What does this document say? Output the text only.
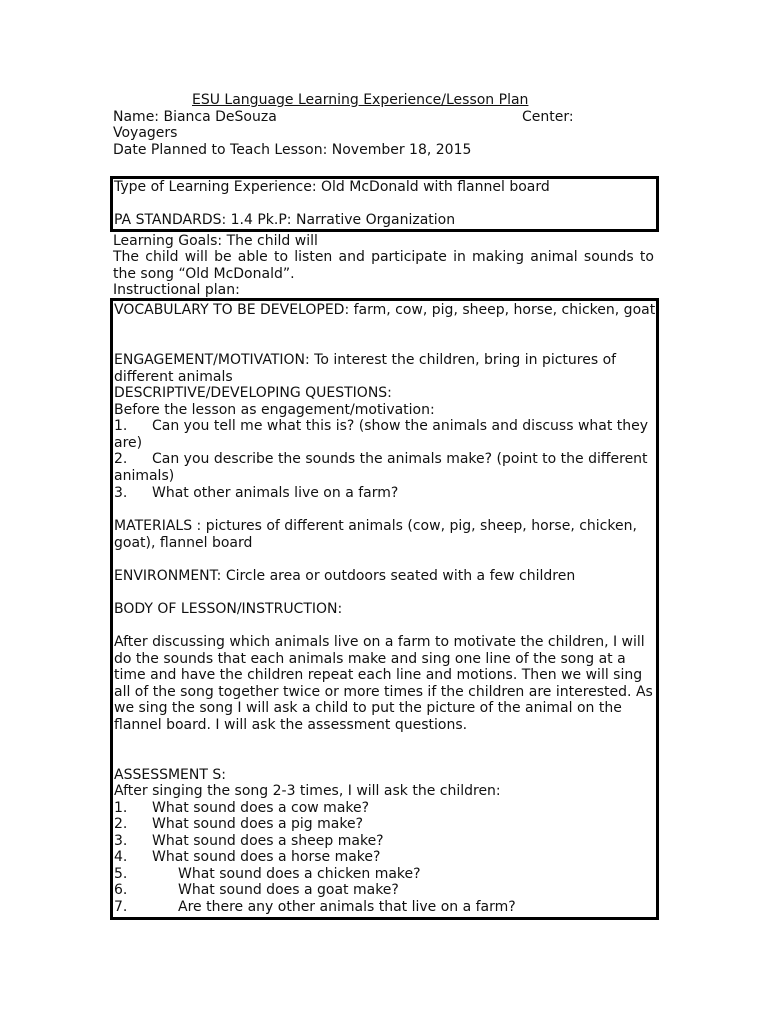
ESU Language Learning Experience/Lesson Plan
Name: Bianca DeSouza	Center:
Voyagers
Date Planned to Teach Lesson: November 18, 2015
Type of Learning Experience: Old McDonald with flannel board
PA STANDARDS: 1.4 Pk.P: Narrative Organization
Learning Goals: The child will
The child will be able to listen and participate in making animal sounds to the song “Old McDonald”.
Instructional plan:
VOCABULARY TO BE DEVELOPED: farm, cow, pig, sheep, horse, chicken, goat
ENGAGEMENT/MOTIVATION: To interest the children, bring in pictures of different animals
DESCRIPTIVE/DEVELOPING QUESTIONS:
Before the lesson as engagement/motivation:
1. Can you tell me what this is? (show the animals and discuss what they are)
2. Can you describe the sounds the animals make? (point to the different animals)
3. What other animals live on a farm?
MATERIALS : pictures of different animals (cow, pig, sheep, horse, chicken, goat), flannel board
ENVIRONMENT: Circle area or outdoors seated with a few children
BODY OF LESSON/INSTRUCTION:
After discussing which animals live on a farm to motivate the children, I will do the sounds that each animals make and sing one line of the song at a time and have the children repeat each line and motions. Then we will sing all of the song together twice or more times if the children are interested. As we sing the song I will ask a child to put the picture of the animal on the flannel board. I will ask the assessment questions.
ASSESSMENT S:
After singing the song 2-3 times, I will ask the children:
1. What sound does a cow make?
2. What sound does a pig make?
3. What sound does a sheep make?
4. What sound does a horse make?
5.	What sound does a chicken make?
6.	What sound does a goat make?
7.	Are there any other animals that live on a farm?
